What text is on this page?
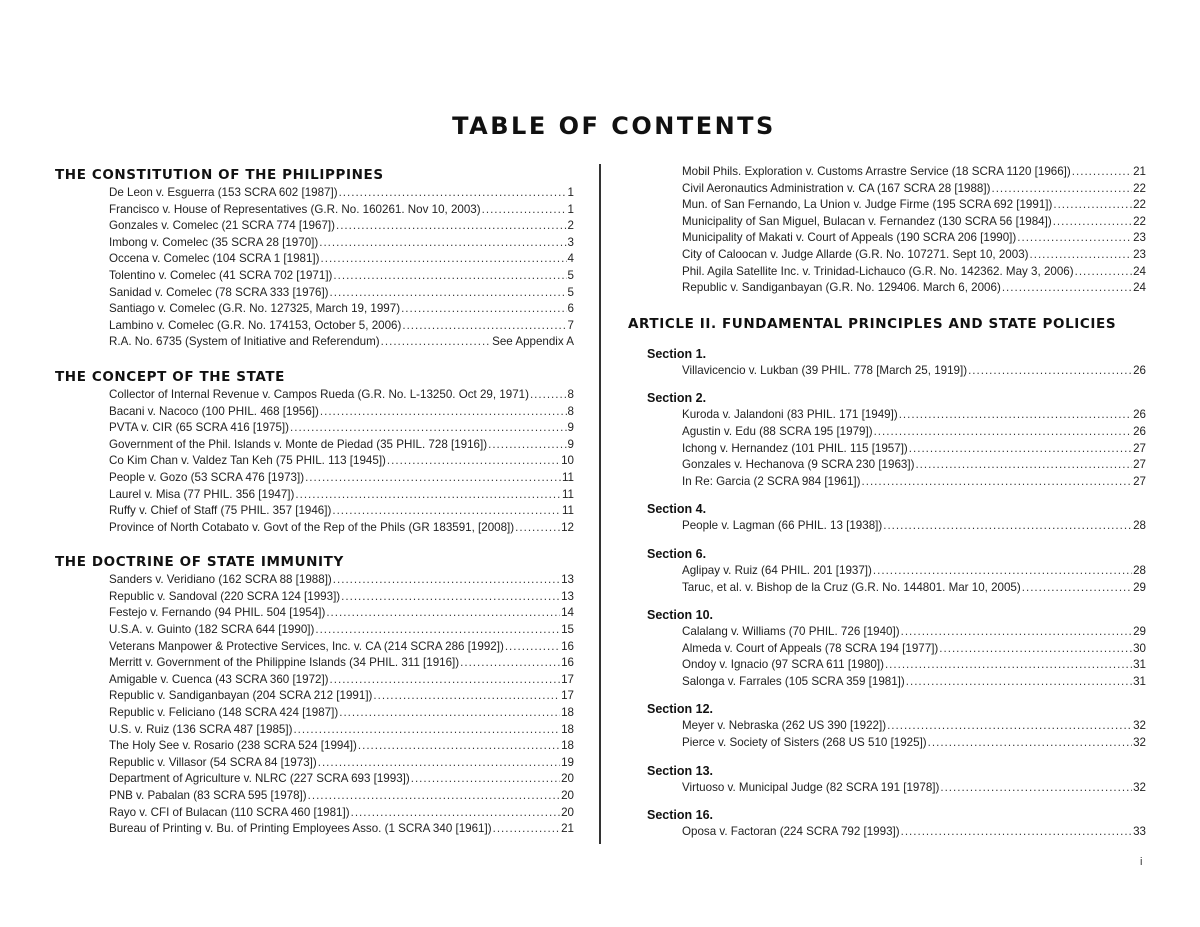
TABLE OF CONTENTS
THE CONSTITUTION OF THE PHILIPPINES
De Leon v. Esguerra (153 SCRA 602 [1987]) .....	1
Francisco v. House of Representatives (G.R. No. 160261. Nov 10, 2003) .....	1
Gonzales v. Comelec (21 SCRA 774 [1967]) .....	2
Imbong v. Comelec (35 SCRA 28 [1970]) .....	3
Occena v. Comelec (104 SCRA 1 [1981]) .....	4
Tolentino v. Comelec (41 SCRA 702 [1971]) .....	5
Sanidad v. Comelec (78 SCRA 333 [1976]) .....	5
Santiago v. Comelec (G.R. No. 127325, March 19, 1997) .....	6
Lambino v. Comelec (G.R. No. 174153, October 5, 2006) .....	7
R.A. No. 6735 (System of Initiative and Referendum) .....	See Appendix A
THE CONCEPT OF THE STATE
Collector of Internal Revenue v. Campos Rueda (G.R. No. L-13250. Oct 29, 1971) .....	8
Bacani v. Nacoco (100 PHIL. 468 [1956]) .....	8
PVTA v. CIR (65 SCRA 416 [1975]) .....	9
Government of the Phil. Islands v. Monte de Piedad (35 PHIL. 728 [1916]) .....	9
Co Kim Chan v. Valdez Tan Keh (75 PHIL. 113 [1945]) .....	10
People v. Gozo (53 SCRA 476 [1973]) .....	11
Laurel v. Misa (77 PHIL. 356 [1947]) .....	11
Ruffy v. Chief of Staff (75 PHIL. 357 [1946]) .....	11
Province of North Cotabato v. Govt of the Rep of the Phils (GR 183591, [2008]) .....	12
THE DOCTRINE OF STATE IMMUNITY
Sanders v. Veridiano (162 SCRA 88 [1988]) .....	13
Republic v. Sandoval (220 SCRA 124 [1993]) .....	13
Festejo v. Fernando (94 PHIL. 504 [1954]) .....	14
U.S.A. v. Guinto (182 SCRA 644 [1990]) .....	15
Veterans Manpower & Protective Services, Inc. v. CA (214 SCRA 286 [1992]) .....	16
Merritt v. Government of the Philippine Islands (34 PHIL. 311 [1916]) .....	16
Amigable v. Cuenca (43 SCRA 360 [1972]) .....	17
Republic v. Sandiganbayan (204 SCRA 212 [1991]) .....	17
Republic v. Feliciano (148 SCRA 424 [1987]) .....	18
U.S. v. Ruiz (136 SCRA 487 [1985]) .....	18
The Holy See v. Rosario (238 SCRA 524 [1994]) .....	18
Republic v. Villasor (54 SCRA 84 [1973]) .....	19
Department of Agriculture v. NLRC (227 SCRA 693 [1993]) .....	20
PNB v. Pabalan (83 SCRA 595 [1978]) .....	20
Rayo v. CFI of Bulacan (110 SCRA 460 [1981]) .....	20
Bureau of Printing v. Bu. of Printing Employees Asso. (1 SCRA 340 [1961]) .....	21
Mobil Phils. Exploration v. Customs Arrastre Service (18 SCRA 1120 [1966]) .....	21
Civil Aeronautics Administration v. CA (167 SCRA 28 [1988]) .....	22
Mun. of San Fernando, La Union v. Judge Firme (195 SCRA 692 [1991]) .....	22
Municipality of San Miguel, Bulacan v. Fernandez (130 SCRA 56 [1984]) .....	22
Municipality of Makati v. Court of Appeals (190 SCRA 206 [1990]) .....	23
City of Caloocan v. Judge Allarde (G.R. No. 107271. Sept 10, 2003) .....	23
Phil. Agila Satellite Inc. v. Trinidad-Lichauco (G.R. No. 142362. May 3, 2006) .....	24
Republic v. Sandiganbayan (G.R. No. 129406. March 6, 2006) .....	24
ARTICLE II. FUNDAMENTAL PRINCIPLES AND STATE POLICIES
Section 1.
Villavicencio v. Lukban (39 PHIL. 778 [March 25, 1919]) .....	26
Section 2.
Kuroda v. Jalandoni (83 PHIL. 171 [1949]) .....	26
Agustin v. Edu (88 SCRA 195 [1979]) .....	26
Ichong v. Hernandez (101 PHIL. 115 [1957]) .....	27
Gonzales v. Hechanova (9 SCRA 230 [1963]) .....	27
In Re: Garcia (2 SCRA 984 [1961]) .....	27
Section 4.
People v. Lagman (66 PHIL. 13 [1938]) .....	28
Section 6.
Aglipay v. Ruiz (64 PHIL. 201 [1937]) .....	28
Taruc, et al. v. Bishop de la Cruz (G.R. No. 144801. Mar 10, 2005) .....	29
Section 10.
Calalang v. Williams (70 PHIL. 726 [1940]) .....	29
Almeda v. Court of Appeals (78 SCRA 194 [1977]) .....	30
Ondoy v. Ignacio (97 SCRA 611 [1980]) .....	31
Salonga v. Farrales (105 SCRA 359 [1981]) .....	31
Section 12.
Meyer v. Nebraska (262 US 390 [1922]) .....	32
Pierce v. Society of Sisters (268 US 510 [1925]) .....	32
Section 13.
Virtuoso v. Municipal Judge (82 SCRA 191 [1978]) .....	32
Section 16.
Oposa v. Factoran (224 SCRA 792 [1993]) .....	33
i
